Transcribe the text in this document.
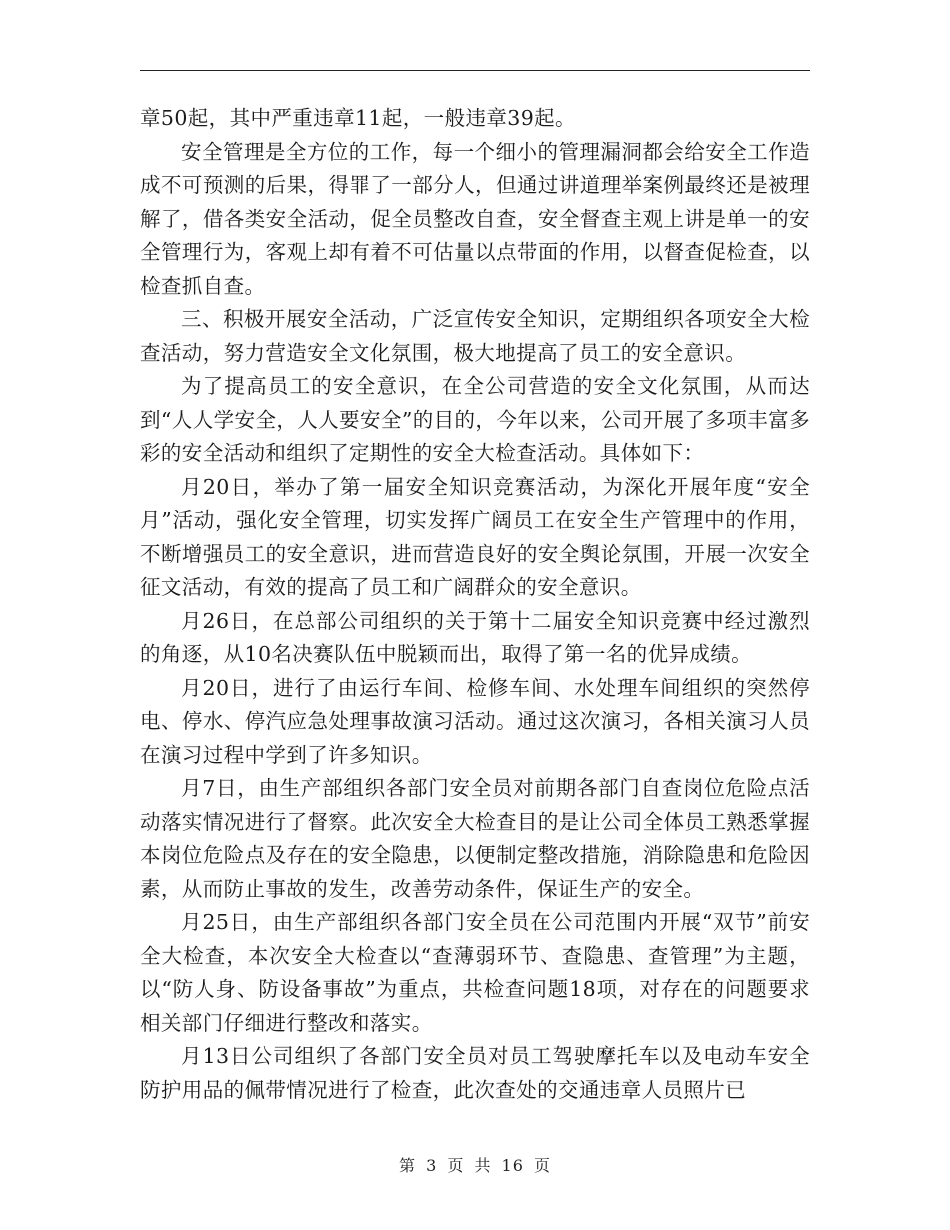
章50起，其中严重违章11起，一般违章39起。

安全管理是全方位的工作，每一个细小的管理漏洞都会给安全工作造成不可预测的后果，得罪了一部分人，但通过讲道理举案例最终还是被理解了，借各类安全活动，促全员整改自查，安全督查主观上讲是单一的安全管理行为，客观上却有着不可估量以点带面的作用，以督查促检查，以检查抓自查。

三、积极开展安全活动，广泛宣传安全知识，定期组织各项安全大检查活动，努力营造安全文化氛围，极大地提高了员工的安全意识。

为了提高员工的安全意识，在全公司营造的安全文化氛围，从而达到“人人学安全，人人要安全”的目的，今年以来，公司开展了多项丰富多彩的安全活动和组织了定期性的安全大检查活动。具体如下：

月20日，举办了第一届安全知识竞赛活动，为深化开展年度“安全月”活动，强化安全管理，切实发挥广阔员工在安全生产管理中的作用，不断增强员工的安全意识，进而营造良好的安全舆论氛围，开展一次安全征文活动，有效的提高了员工和广阔群众的安全意识。

月26日，在总部公司组织的关于第十二届安全知识竞赛中经过激烈的角逐，从10名决赛队伍中脱颖而出，取得了第一名的优异成绩。

月20日，进行了由运行车间、检修车间、水处理车间组织的突然停电、停水、停汽应急处理事故演习活动。通过这次演习，各相关演习人员在演习过程中学到了许多知识。

月7日，由生产部组织各部门安全员对前期各部门自查岗位危险点活动落实情况进行了督察。此次安全大检查目的是让公司全体员工熟悉掌握本岗位危险点及存在的安全隐患，以便制定整改措施，消除隐患和危险因素，从而防止事故的发生，改善劳动条件，保证生产的安全。

月25日，由生产部组织各部门安全员在公司范围内开展“双节”前安全大检查，本次安全大检查以“查薄弱环节、查隐患、查管理”为主题，以“防人身、防设备事故”为重点，共检查问题18项，对存在的问题要求相关部门仔细进行整改和落实。

月13日公司组织了各部门安全员对员工驾驶摩托车以及电动车安全防护用品的佩带情况进行了检查，此次查处的交通违章人员照片已

第 3 页 共 16 页
